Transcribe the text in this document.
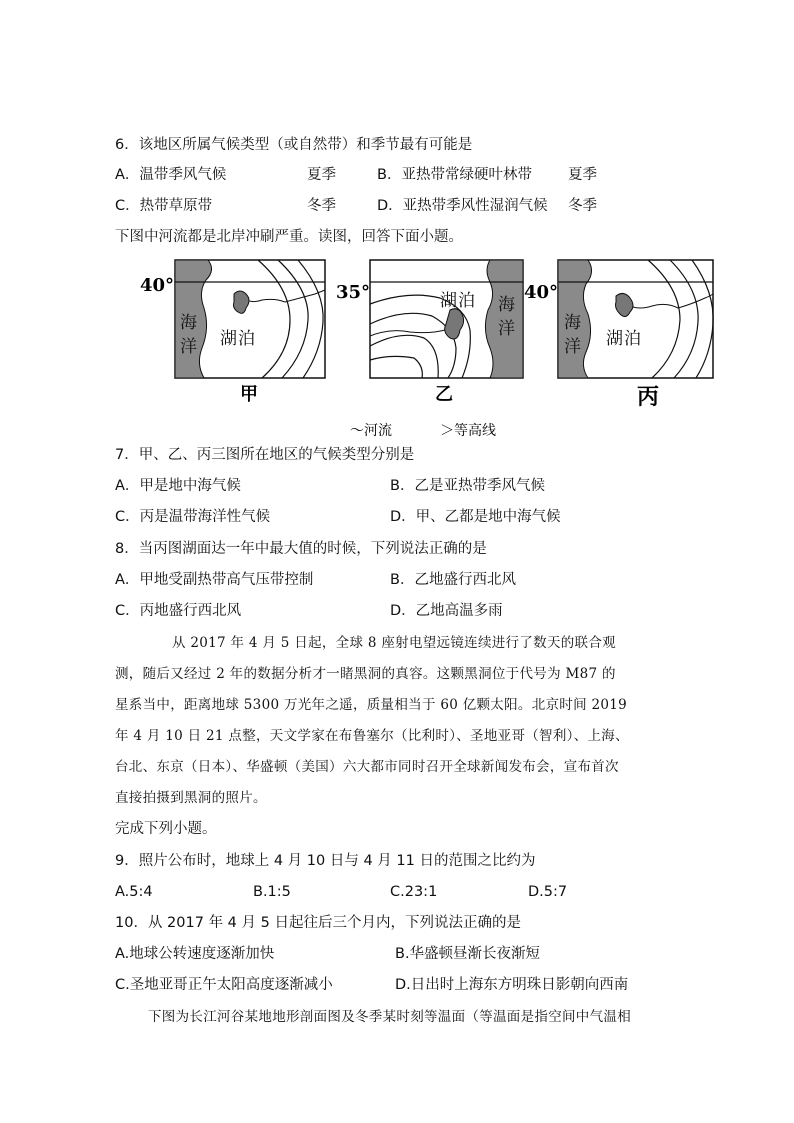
6．该地区所属气候类型（或自然带）和季节最有可能是
A．温带季风气候	夏季	B．亚热带常绿硬叶林带 夏季
C．热带草原带	冬季	D．亚热带季风性湿润气候 冬季
下图中河流都是北岸冲刷严重。读图，回答下面小题。
40°
海
洋 湖 泊
甲
35°	湖 泊 海
洋
乙
40°
海
洋 湖 泊
丙
～河流	＞等高线
7．甲、乙、丙三图所在地区的气候类型分别是
A．甲是地中海气候	B．乙是亚热带季风气候
C．丙是温带海洋性气候	D．甲、乙都是地中海气候
8．当丙图湖面达一年中最大值的时候，下列说法正确的是
A．甲地受副热带高气压带控制	B．乙地盛行西北风
C．丙地盛行西北风	D．乙地高温多雨
从 2017 年 4 月 5 日起，全球 8 座射电望远镜连续进行了数天的联合观
测，随后又经过 2 年的数据分析才一睹黑洞的真容。这颗黑洞位于代号为 M87 的
星系当中，距离地球 5300 万光年之遥，质量相当于 60 亿颗太阳。北京时间 2019
年 4 月 10 日 21 点整，天文学家在布鲁塞尔（比利时）、圣地亚哥（智利）、上海、
台北、东京（日本）、华盛顿（美国）六大都市同时召开全球新闻发布会，宣布首次
直接拍摄到黑洞的照片。
完成下列小题。
9．照片公布时，地球上 4 月 10 日与 4 月 11 日的范围之比约为
A.5:4	B.1:5	C.23:1	D.5:7
10．从 2017 年 4 月 5 日起往后三个月内，下列说法正确的是
A.地球公转速度逐渐加快	B.华盛顿昼渐长夜渐短
C.圣地亚哥正午太阳高度逐渐减小	D.日出时上海东方明珠日影朝向西南
下图为长江河谷某地地形剖面图及冬季某时刻等温面（等温面是指空间中气温相
